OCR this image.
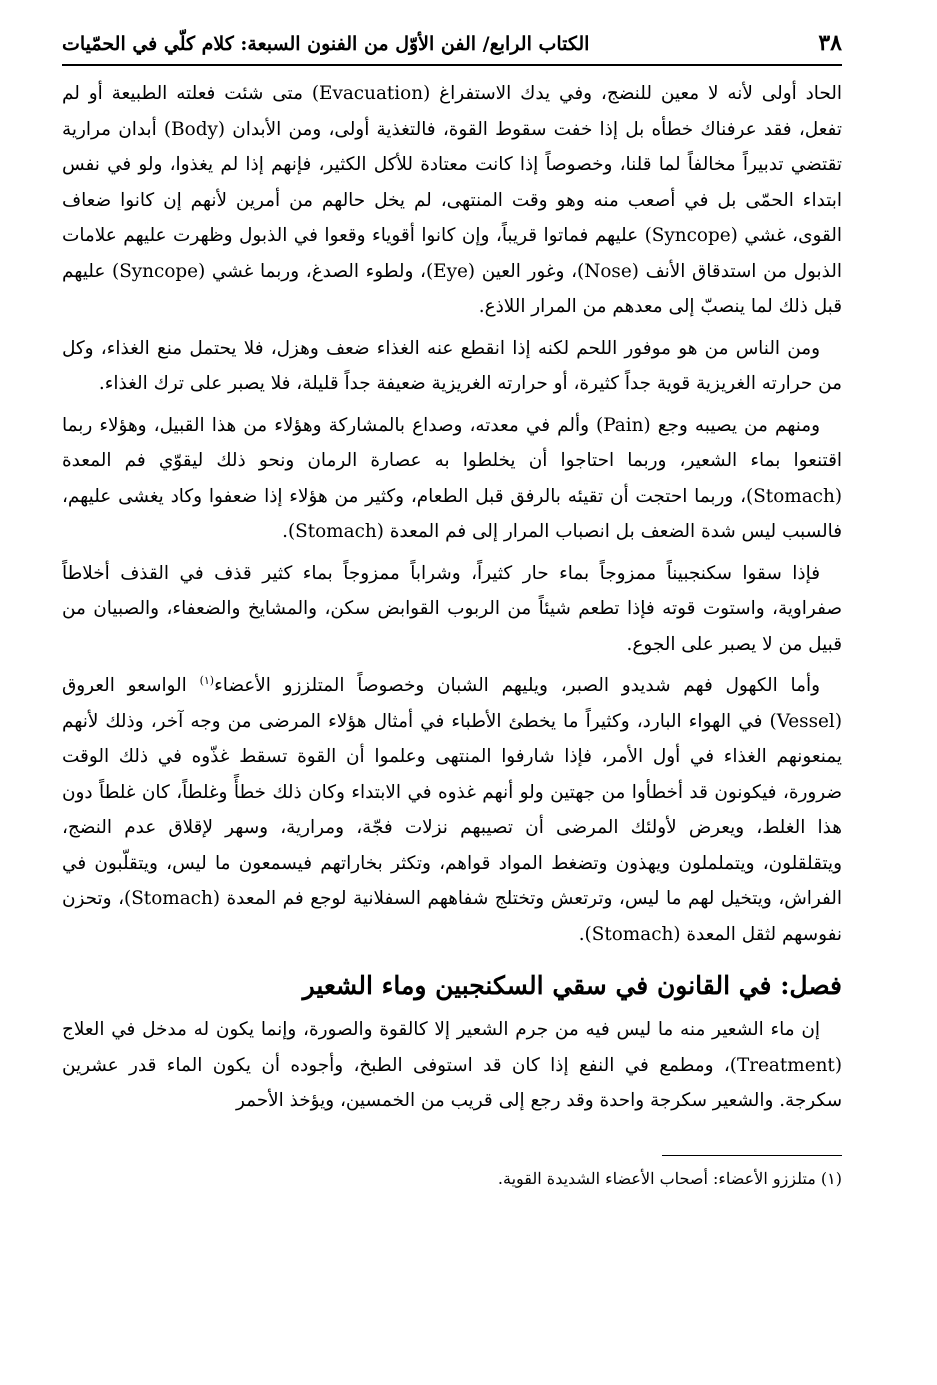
٣٨
الكتاب الرابع/ الفن الأوّل من الفنون السبعة: كلام كلّي في الحمّيات

الحاد أولى لأنه لا معين للنضج، وفي يدك الاستفراغ (Evacuation) متى شئت فعلته الطبيعة أو لم تفعل، فقد عرفناك خطأه بل إذا خفت سقوط القوة، فالتغذية أولى، ومن الأبدان (Body) أبدان مرارية تقتضي تدبيراً مخالفاً لما قلنا، وخصوصاً إذا كانت معتادة للأكل الكثير، فإنهم إذا لم يغذوا، ولو في نفس ابتداء الحمّى بل في أصعب منه وهو وقت المنتهى، لم يخل حالهم من أمرين لأنهم إن كانوا ضعاف القوى، غشي (Syncope) عليهم فماتوا قريباً، وإن كانوا أقوياء وقعوا في الذبول وظهرت عليهم علامات الذبول من استدقاق الأنف (Nose)، وغور العين (Eye)، ولطوء الصدغ، وربما غشي (Syncope) عليهم قبل ذلك لما ينصبّ إلى معدهم من المرار اللاذع.

ومن الناس من هو موفور اللحم لكنه إذا انقطع عنه الغذاء ضعف وهزل، فلا يحتمل منع الغذاء، وكل من حرارته الغريزية قوية جداً كثيرة، أو حرارته الغريزية ضعيفة جداً قليلة، فلا يصبر على ترك الغذاء.

ومنهم من يصيبه وجع (Pain) وألم في معدته، وصداع بالمشاركة وهؤلاء من هذا القبيل، وهؤلاء ربما اقتنعوا بماء الشعير، وربما احتاجوا أن يخلطوا به عصارة الرمان ونحو ذلك ليقوّي فم المعدة (Stomach)، وربما احتجت أن تقيئه بالرفق قبل الطعام، وكثير من هؤلاء إذا ضعفوا وكاد يغشى عليهم، فالسبب ليس شدة الضعف بل انصباب المرار إلى فم المعدة (Stomach).

فإذا سقوا سكنجبيناً ممزوجاً بماء حار كثيراً، وشراباً ممزوجاً بماء كثير قذف في القذف أخلاطاً صفراوية، واستوت قوته فإذا تطعم شيئاً من الربوب القوابض سكن، والمشايخ والضعفاء، والصبيان من قبيل من لا يصبر على الجوع.

وأما الكهول فهم شديدو الصبر، ويليهم الشبان وخصوصاً المتلززو الأعضاء$^{(١)}$ الواسعو العروق (Vessel) في الهواء البارد، وكثيراً ما يخطئ الأطباء في أمثال هؤلاء المرضى من وجه آخر، وذلك لأنهم يمنعونهم الغذاء في أول الأمر، فإذا شارفوا المنتهى وعلموا أن القوة تسقط غذّوه في ذلك الوقت ضرورة، فيكونون قد أخطأوا من جهتين ولو أنهم غذوه في الابتداء وكان ذلك خطأً وغلطاً، كان غلطاً دون هذا الغلط، ويعرض لأولئك المرضى أن تصيبهم نزلات فجّة، ومرارية، وسهر لإقلاق عدم النضج، ويتقلقلون، ويتململون ويهذون وتضغط المواد قواهم، وتكثر بخاراتهم فيسمعون ما ليس، ويتقلّبون في الفراش، ويتخيل لهم ما ليس، وترتعش وتختلج شفاههم السفلانية لوجع فم المعدة (Stomach)، وتحزن نفوسهم لثقل المعدة (Stomach).

فصل: في القانون في سقي السكنجبين وماء الشعير

إن ماء الشعير منه ما ليس فيه من جرم الشعير إلا كالقوة والصورة، وإنما يكون له مدخل في العلاج (Treatment)، ومطمع في النفع إذا كان قد استوفى الطبخ، وأجوده أن يكون الماء قدر عشرين سكرجة. والشعير سكرجة واحدة وقد رجع إلى قريب من الخمسين، ويؤخذ الأحمر

(١) متلززو الأعضاء: أصحاب الأعضاء الشديدة القوية.
